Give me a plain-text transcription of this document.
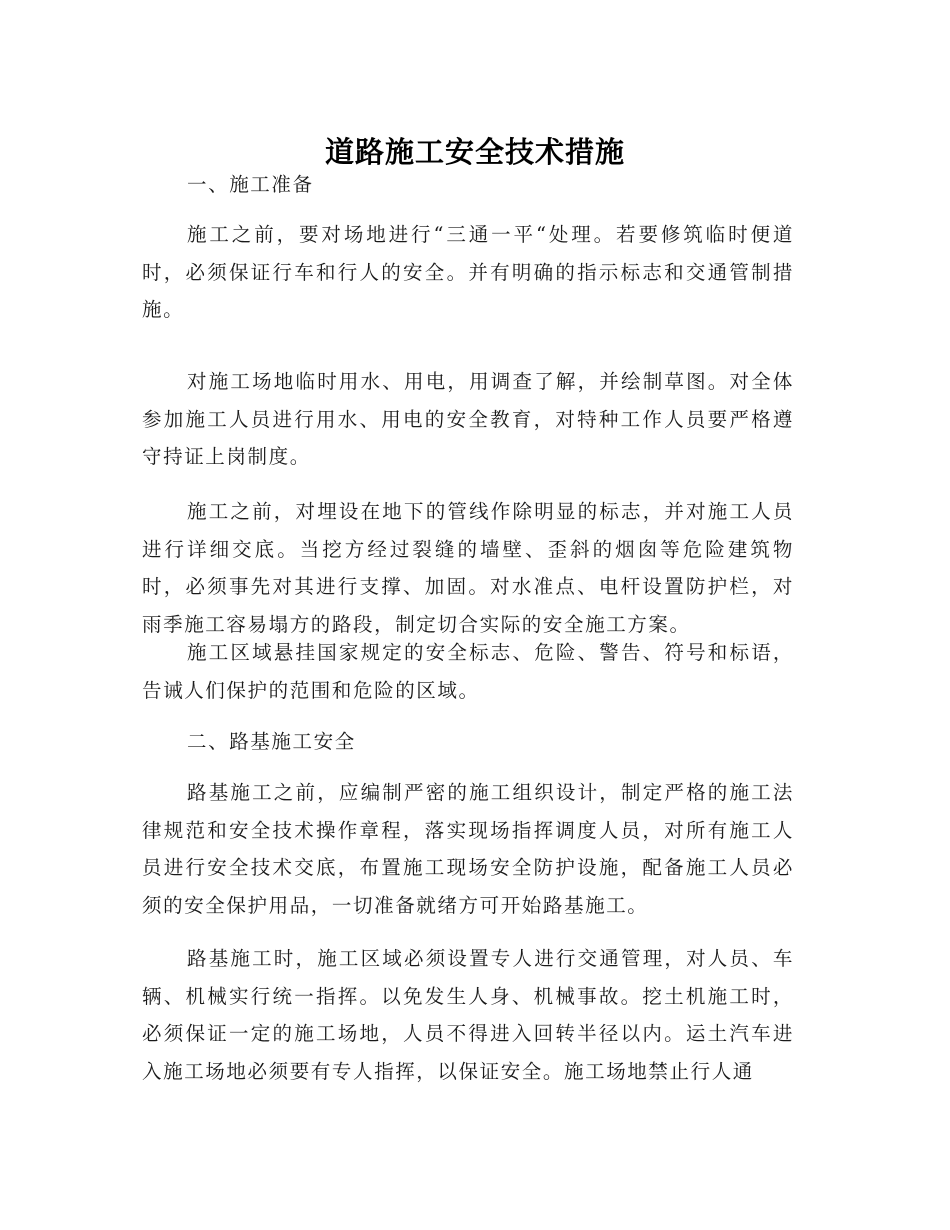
道路施工安全技术措施

一、施工准备

施工之前，要对场地进行“三通一平“处理。若要修筑临时便道时，必须保证行车和行人的安全。并有明确的指示标志和交通管制措施。

对施工场地临时用水、用电，用调查了解，并绘制草图。对全体参加施工人员进行用水、用电的安全教育，对特种工作人员要严格遵守持证上岗制度。

施工之前，对埋设在地下的管线作除明显的标志，并对施工人员进行详细交底。当挖方经过裂缝的墙壁、歪斜的烟囱等危险建筑物时，必须事先对其进行支撑、加固。对水准点、电杆设置防护栏，对雨季施工容易塌方的路段，制定切合实际的安全施工方案。

施工区域悬挂国家规定的安全标志、危险、警告、符号和标语，告诫人们保护的范围和危险的区域。

二、路基施工安全

路基施工之前，应编制严密的施工组织设计，制定严格的施工法律规范和安全技术操作章程，落实现场指挥调度人员，对所有施工人员进行安全技术交底，布置施工现场安全防护设施，配备施工人员必须的安全保护用品，一切准备就绪方可开始路基施工。

路基施工时，施工区域必须设置专人进行交通管理，对人员、车辆、机械实行统一指挥。以免发生人身、机械事故。挖土机施工时，必须保证一定的施工场地，人员不得进入回转半径以内。运土汽车进入施工场地必须要有专人指挥，以保证安全。施工场地禁止行人通
